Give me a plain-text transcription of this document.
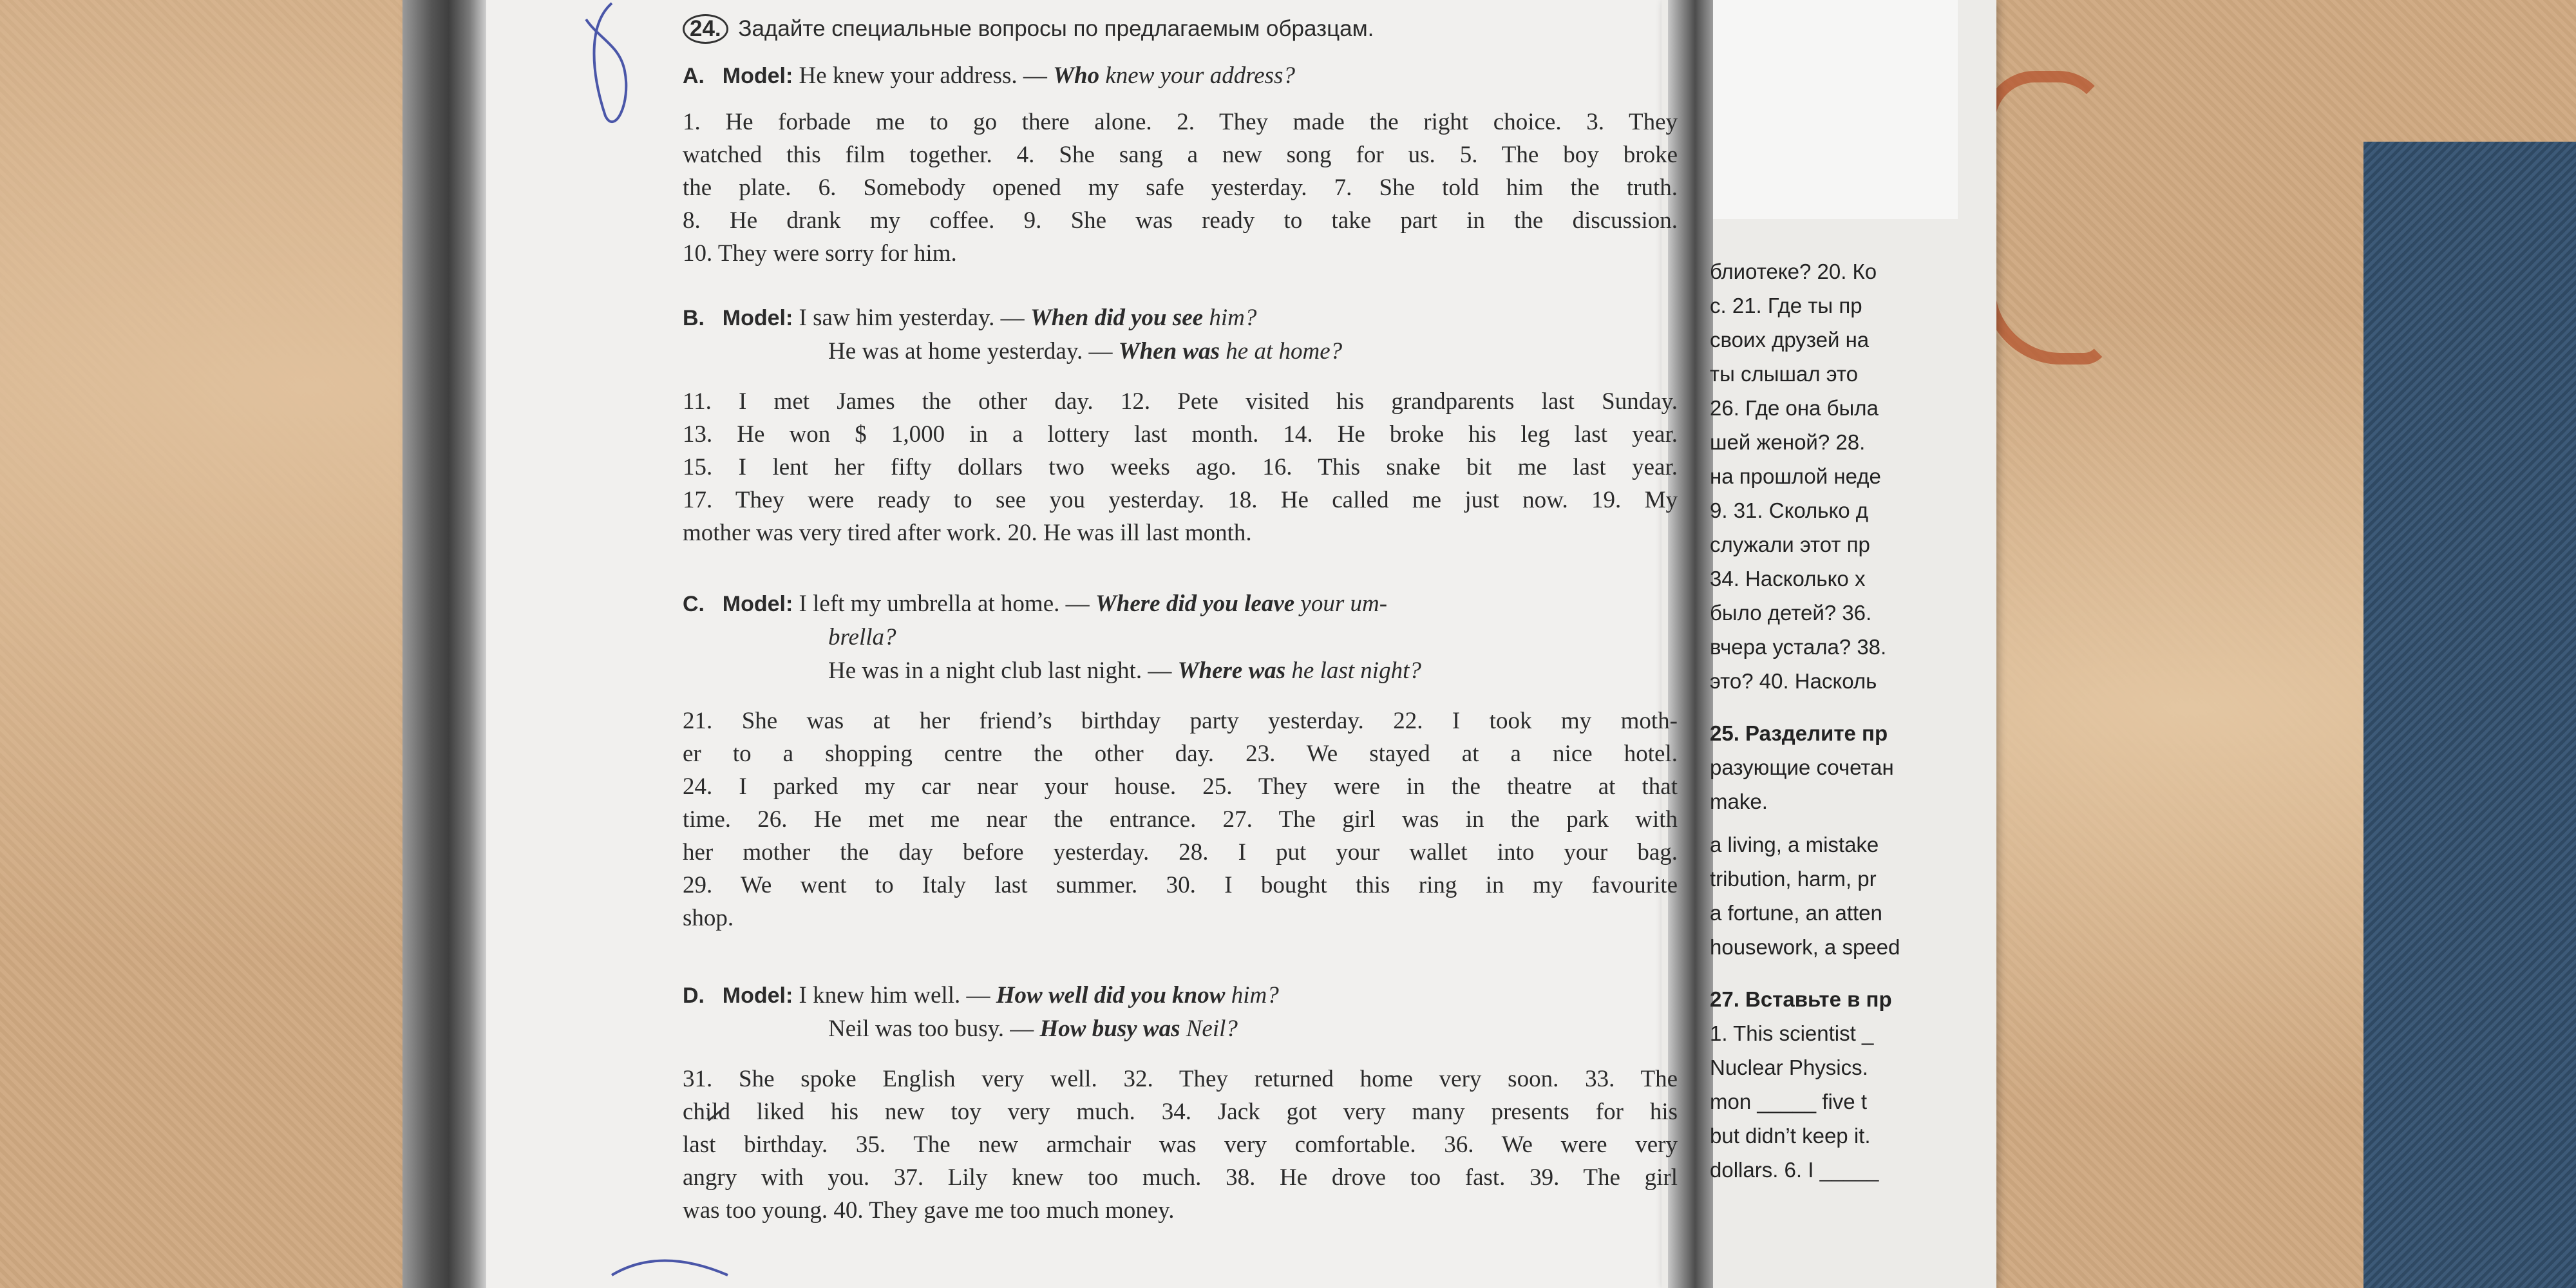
24. Задайте специальные вопросы по предлагаемым образцам.
A. Model: He knew your address. — Who knew your address?
1. He forbade me to go there alone. 2. They made the right choice. 3. They
watched this film together. 4. She sang a new song for us. 5. The boy broke
the plate. 6. Somebody opened my safe yesterday. 7. She told him the truth.
8. He drank my coffee. 9. She was ready to take part in the discussion.
10. They were sorry for him.
B. Model: I saw him yesterday. — When did you see him?
He was at home yesterday. — When was he at home?
11. I met James the other day. 12. Pete visited his grandparents last Sunday.
13. He won $ 1,000 in a lottery last month. 14. He broke his leg last year.
15. I lent her fifty dollars two weeks ago. 16. This snake bit me last year.
17. They were ready to see you yesterday. 18. He called me just now. 19. My
mother was very tired after work. 20. He was ill last month.
C. Model: I left my umbrella at home. — Where did you leave your um-
brella?
He was in a night club last night. — Where was he last night?
21. She was at her friend’s birthday party yesterday. 22. I took my moth-
er to a shopping centre the other day. 23. We stayed at a nice hotel.
24. I parked my car near your house. 25. They were in the theatre at that
time. 26. He met me near the entrance. 27. The girl was in the park with
her mother the day before yesterday. 28. I put your wallet into your bag.
29. We went to Italy last summer. 30. I bought this ring in my favourite
shop.
D. Model: I knew him well. — How well did you know him?
Neil was too busy. — How busy was Neil?
31. She spoke English very well. 32. They returned home very soon. 33. The
child liked his new toy very much. 34. Jack got very many presents for his
last birthday. 35. The new armchair was very comfortable. 36. We were very
angry with you. 37. Lily knew too much. 38. He drove too fast. 39. The girl
was too young. 40. They gave me too much money.
блиотеке? 20. Ко
с. 21. Где ты пр
своих друзей на
ты слышал это
26. Где она была
шей женой? 28.
на прошлой неде
9. 31. Сколько д
служали этот пр
34. Насколько х
было детей? 36.
вчера устала? 38.
это? 40. Насколь
25. Разделите пр
разующие сочетан
make.
a living, a mistake
tribution, harm, pr
a fortune, an atten
housework, a speed
27. Вставьте в пр
1. This scientist _
Nuclear Physics.
mon _____ five t
but didn’t keep it.
dollars. 6. I _____
